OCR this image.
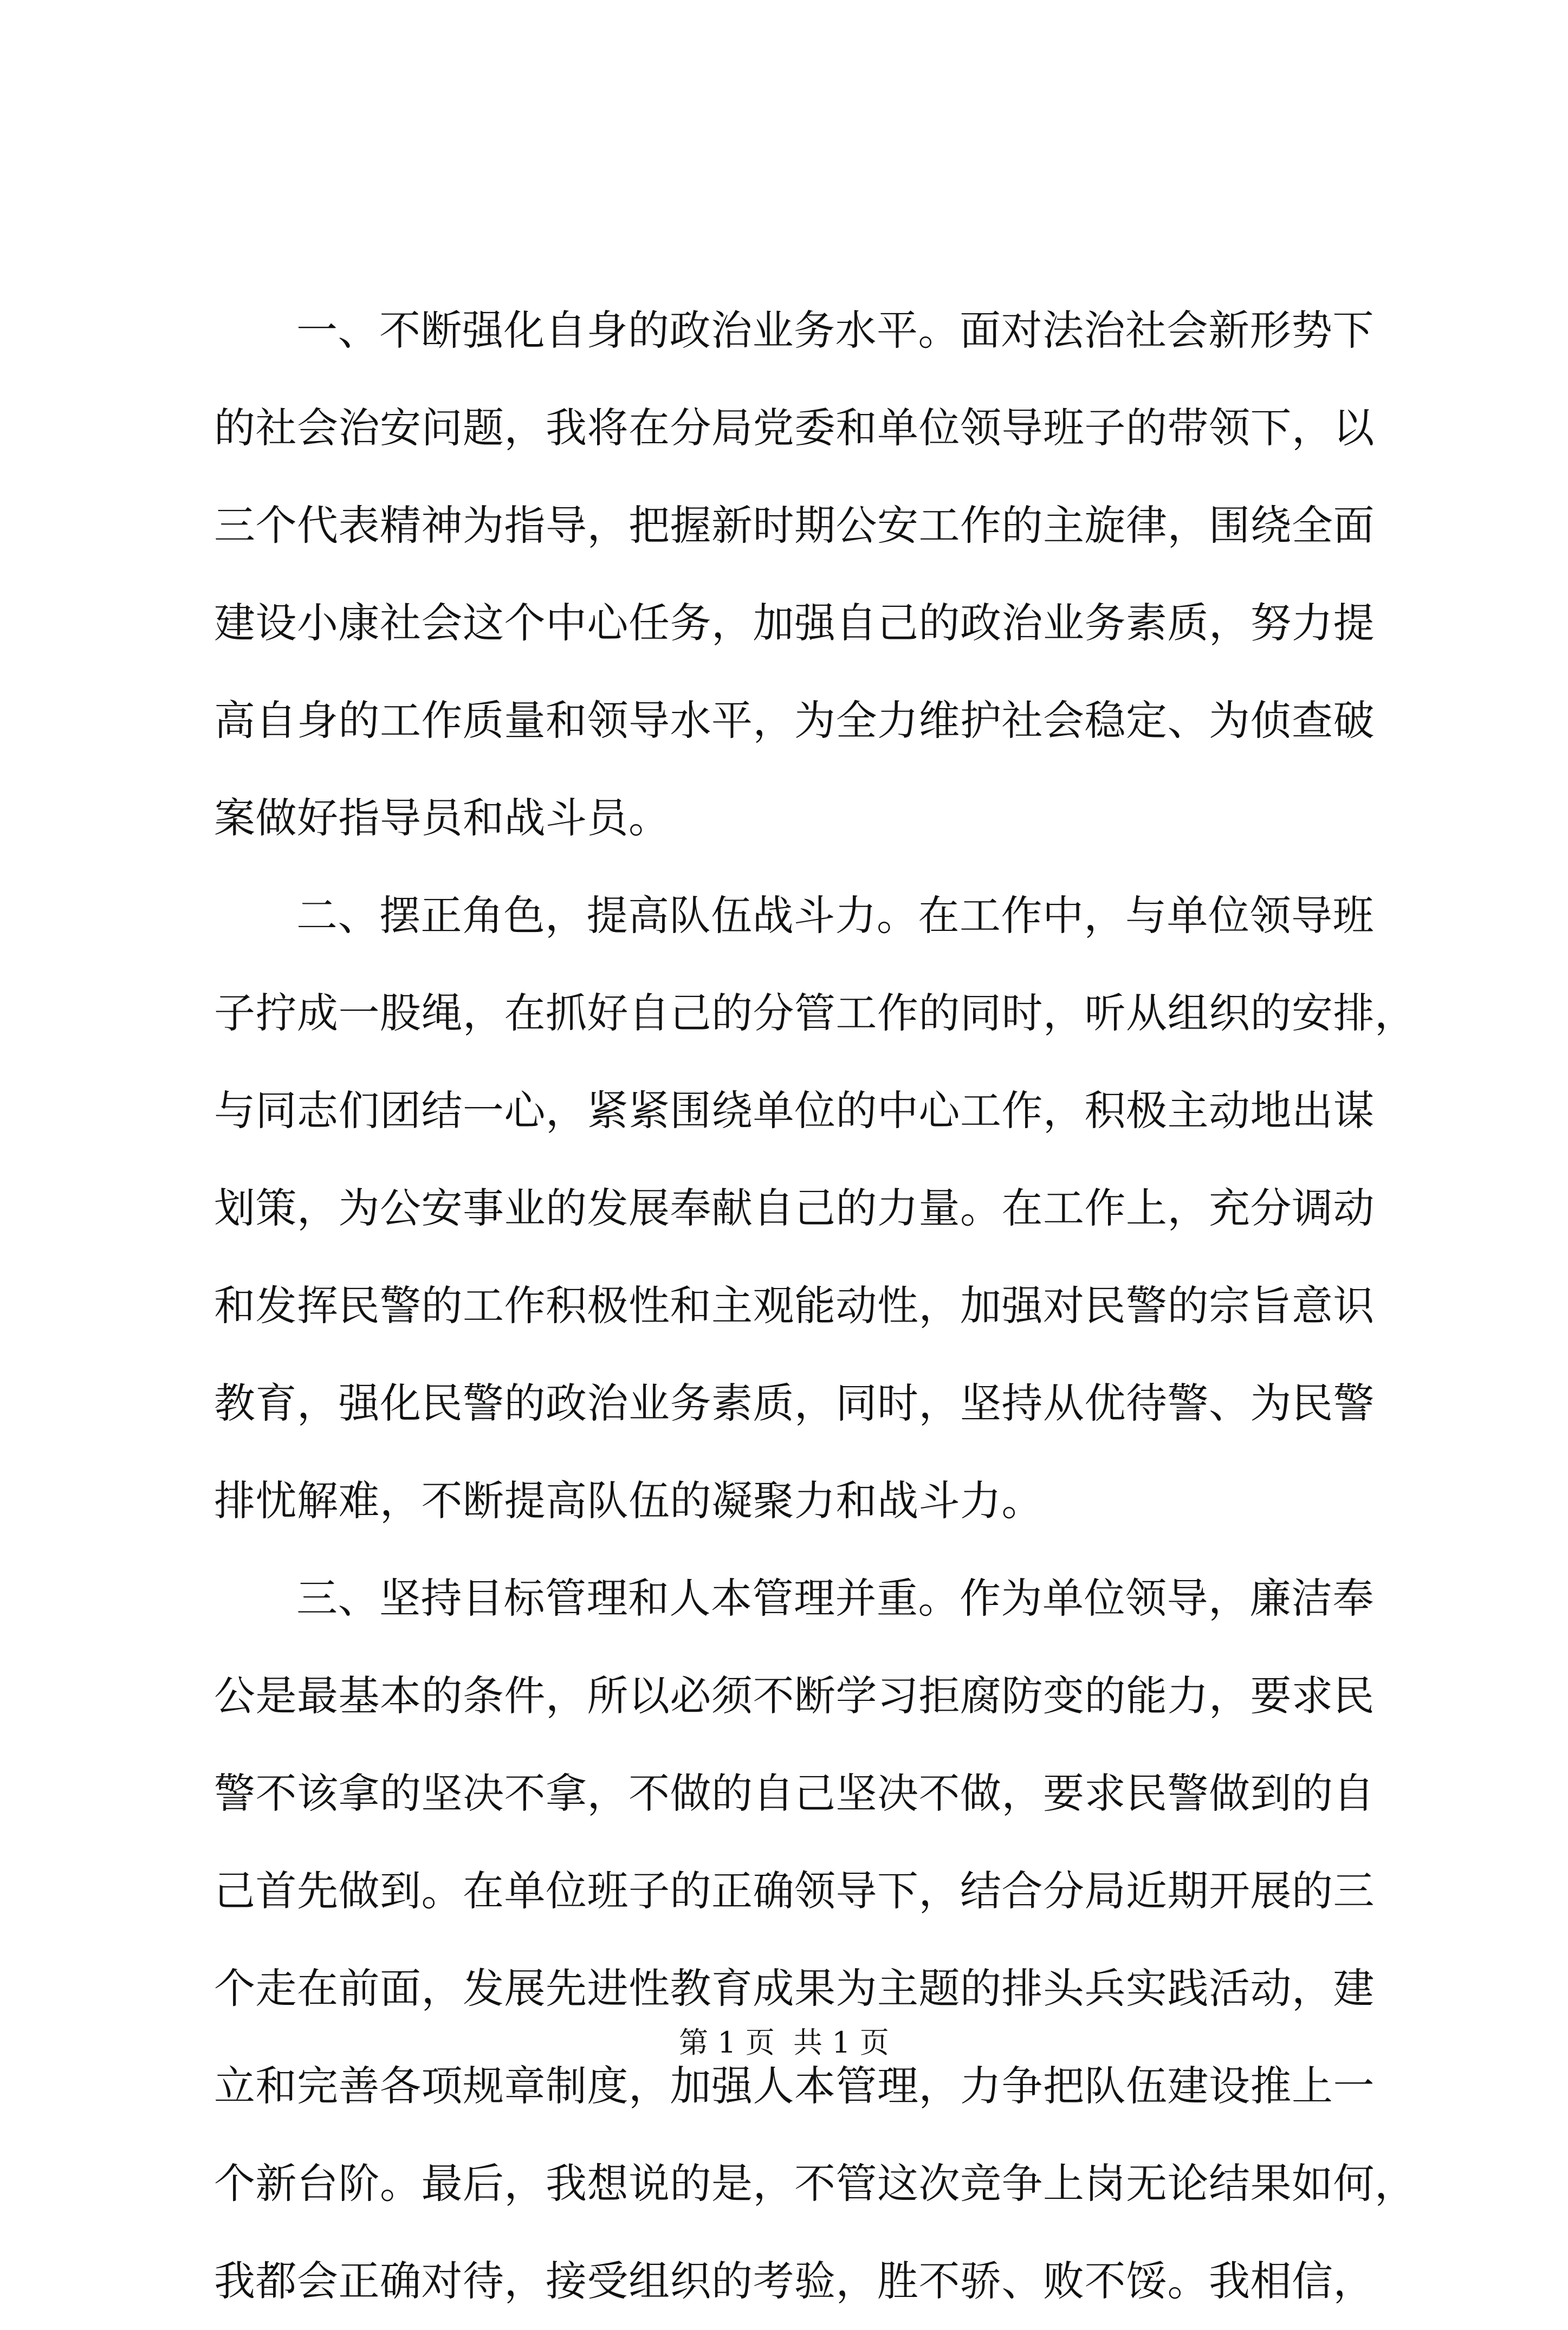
一、不断强化自身的政治业务水平。面对法治社会新形势下
的社会治安问题，我将在分局党委和单位领导班子的带领下，以
三个代表精神为指导，把握新时期公安工作的主旋律，围绕全面
建设小康社会这个中心任务，加强自己的政治业务素质，努力提
高自身的工作质量和领导水平，为全力维护社会稳定、为侦查破
案做好指导员和战斗员。
二、摆正角色，提高队伍战斗力。在工作中，与单位领导班
子拧成一股绳，在抓好自己的分管工作的同时，听从组织的安排，
与同志们团结一心，紧紧围绕单位的中心工作，积极主动地出谋
划策，为公安事业的发展奉献自己的力量。在工作上，充分调动
和发挥民警的工作积极性和主观能动性，加强对民警的宗旨意识
教育，强化民警的政治业务素质，同时，坚持从优待警、为民警
排忧解难，不断提高队伍的凝聚力和战斗力。
三、坚持目标管理和人本管理并重。作为单位领导，廉洁奉
公是最基本的条件，所以必须不断学习拒腐防变的能力，要求民
警不该拿的坚决不拿，不做的自己坚决不做，要求民警做到的自
己首先做到。在单位班子的正确领导下，结合分局近期开展的三
个走在前面，发展先进性教育成果为主题的排头兵实践活动，建
立和完善各项规章制度，加强人本管理，力争把队伍建设推上一
个新台阶。最后，我想说的是，不管这次竞争上岗无论结果如何，
我都会正确对待，接受组织的考验，胜不骄、败不馁。我相信，
第 1 页  共 1 页
